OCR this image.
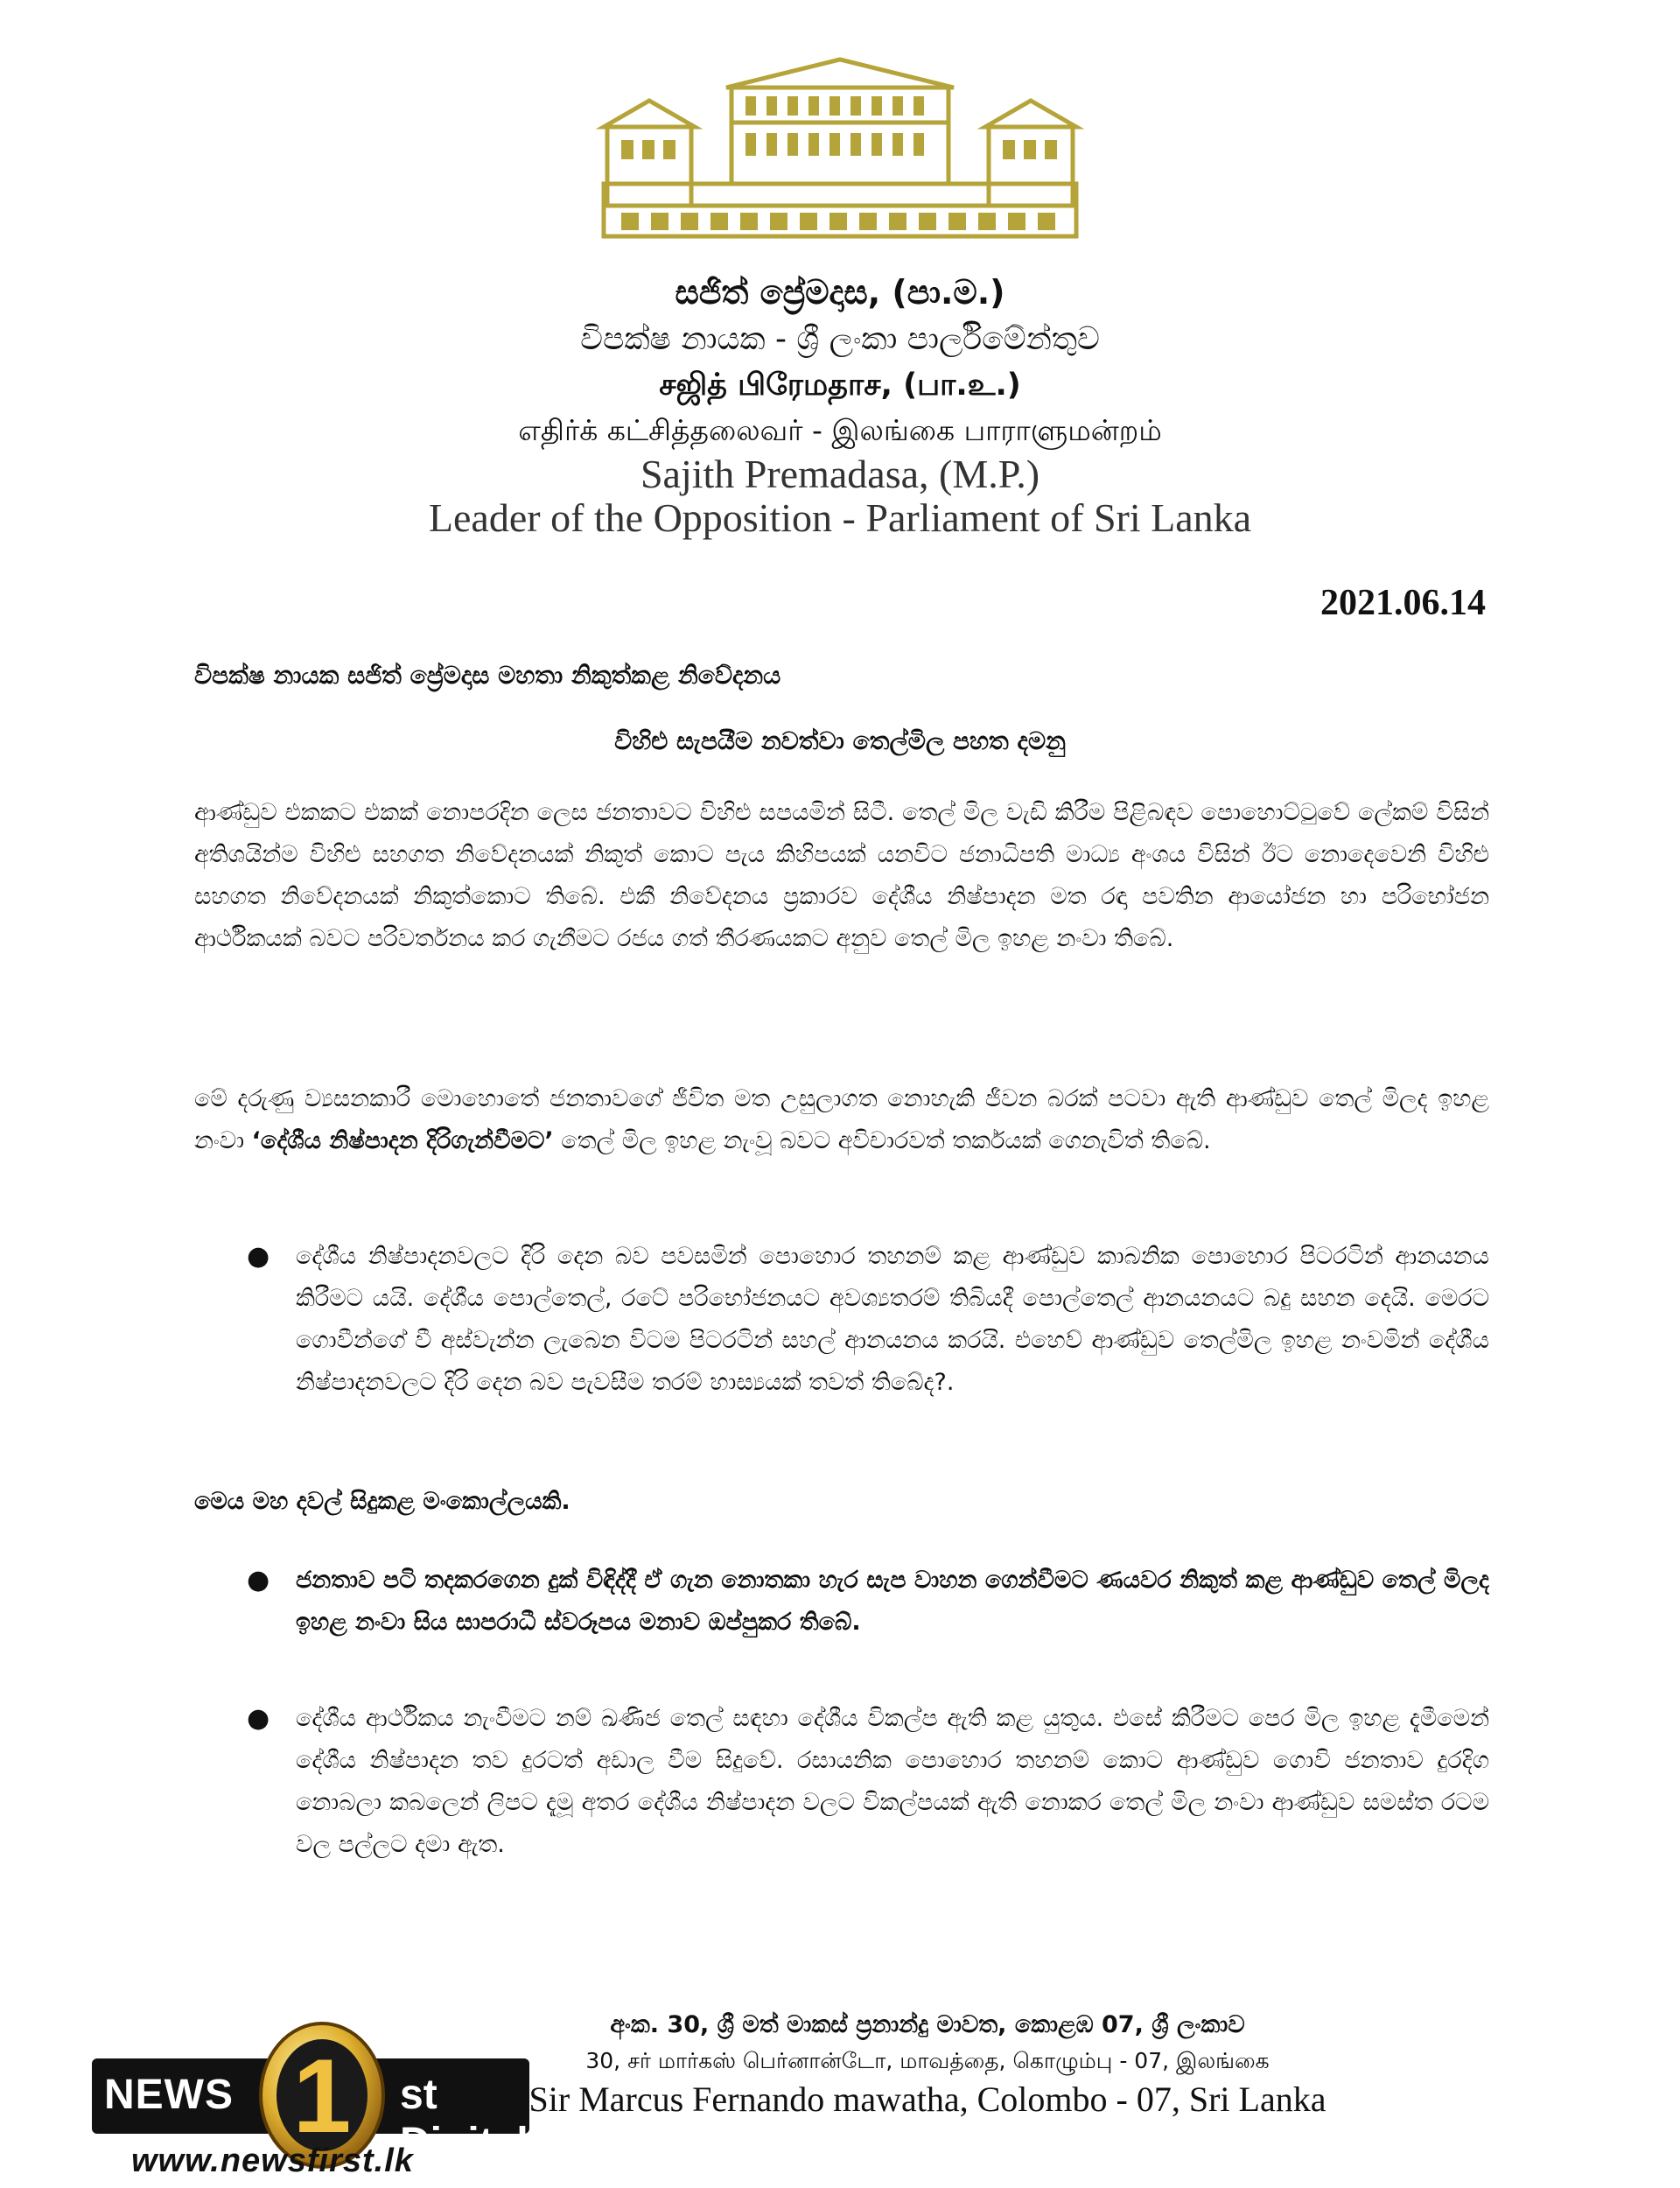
සජිත් ප්‍රේමදාස, (පා.ම.)
විපක්ෂ නායක - ශ්‍රී ලංකා පාර්ලිමේන්තුව
சஜித் பிரேமதாச, (பா.உ.)
எதிர்க் கட்சித்தலைவர் - இலங்கை பாராளுமன்றம்
Sajith Premadasa, (M.P.)
Leader of the Opposition - Parliament of Sri Lanka
2021.06.14
විපක්ෂ නායක සජිත් ප්‍රේමදාස මහතා නිකුත්කළ නිවේදනය
විහිළු සැපයීම නවත්වා තෙල්මිල පහත දමනු

ආණ්ඩුව එකකට එකක් නොපරදින ලෙස ජනතාවට විහිළු සපයමින් සිටී. තෙල් මිල වැඩි කිරීම පිළිබඳව පොහොට්ටුවේ ලේකම් විසින් අතිශයින්ම විහිළු සහගත නිවේදනයක් නිකුත් කොට පැය කිහිපයක් යනවිට ජනාධිපති මාධ්‍ය අංශය විසින් ඊට නොදෙවෙනි විහිළු සහගත නිවේදනයක් නිකුත්කොට තිබේ. එකී නිවේදනය ප්‍රකාරව දේශීය නිෂ්පාදන මත රඳා පවතින ආයෝජන හා පරිභෝජන ආර්ථිකයක් බවට පරිවර්තනය කර ගැනීමට රජය ගත් තීරණයකට අනුව තෙල් මිල ඉහළ නංවා තිබේ.

මේ දරුණු ව්‍යසනකාරී මොහොතේ ජනතාවගේ ජීවිත මත උසුලාගත නොහැකි ජීවන බරක් පටවා ඇති ආණ්ඩුව තෙල් මිලද ඉහළ නංවා ‘දේශීය නිෂ්පාදන දිරිගැන්වීමට’ තෙල් මිල ඉහළ නැංවූ බවට අවිචාරවත් තර්කයක් ගෙනැවිත් තිබේ.

● දේශීය නිෂ්පාදනවලට දිරි දෙන බව පවසමින් පොහොර තහනම් කළ ආණ්ඩුව කාබනික පොහොර පිටරටින් ආනයනය කිරීමට යයි. දේශීය පොල්තෙල්, රටේ පරිභෝජනයට අවශ්‍යතරම් තිබියදී පොල්තෙල් ආනයනයට බදු සහන දෙයි. මෙරට ගොවීන්ගේ වී අස්වැන්න ලැබෙන විටම පිටරටින් සහල් ආනයනය කරයි. එහෙව් ආණ්ඩුව තෙල්මිල ඉහළ නංවමින් දේශීය නිෂ්පාදනවලට දිරි දෙන බව පැවසීම තරම් හාස්‍යයක් තවත් තිබේද?.
මෙය මහ දවල් සිදුකළ මංකොල්ලයකි.
● ජනතාව පටි තදකරගෙන දුක් විඳිද්දී ඒ ගැන නොතකා හැර සැප වාහන ගෙන්වීමට ණයවර නිකුත් කළ ආණ්ඩුව තෙල් මිලද ඉහළ නංවා සිය සාපරාධී ස්වරූපය මනාව ඔප්පුකර තිබේ.
● දේශීය ආර්ථිකය නැංවීමට නම් ඛණිජ තෙල් සඳහා දේශීය විකල්ප ඇති කළ යුතුය. එසේ කිරීමට පෙර මිල ඉහළ දැමීමෙන් දේශීය නිෂ්පාදන තව දුරටත් අඩාල වීම සිදුවේ. රසායනික පොහොර තහනම් කොට ආණ්ඩුව ගොවි ජනතාව දුරදිග නොබලා කබලෙන් ලිපට දැමූ අතර දේශීය නිෂ්පාදන වලට විකල්පයක් ඇති නොකර තෙල් මිල නංවා ආණ්ඩුව සමස්ත රටම වල පල්ලට දමා ඇත.
අංක. 30, ශ්‍රී මත් මාකස් ප්‍රනාන්දු මාවත, කොළඹ 07, ශ්‍රී ලංකාව
30, சர் மார்கஸ் பெர்னான்டோ, மாவத்தை, கொழும்பு - 07, இலங்கை
Sir Marcus Fernando mawatha, Colombo - 07, Sri Lanka
NEWS 1 st Digital
www.newsfirst.lk
